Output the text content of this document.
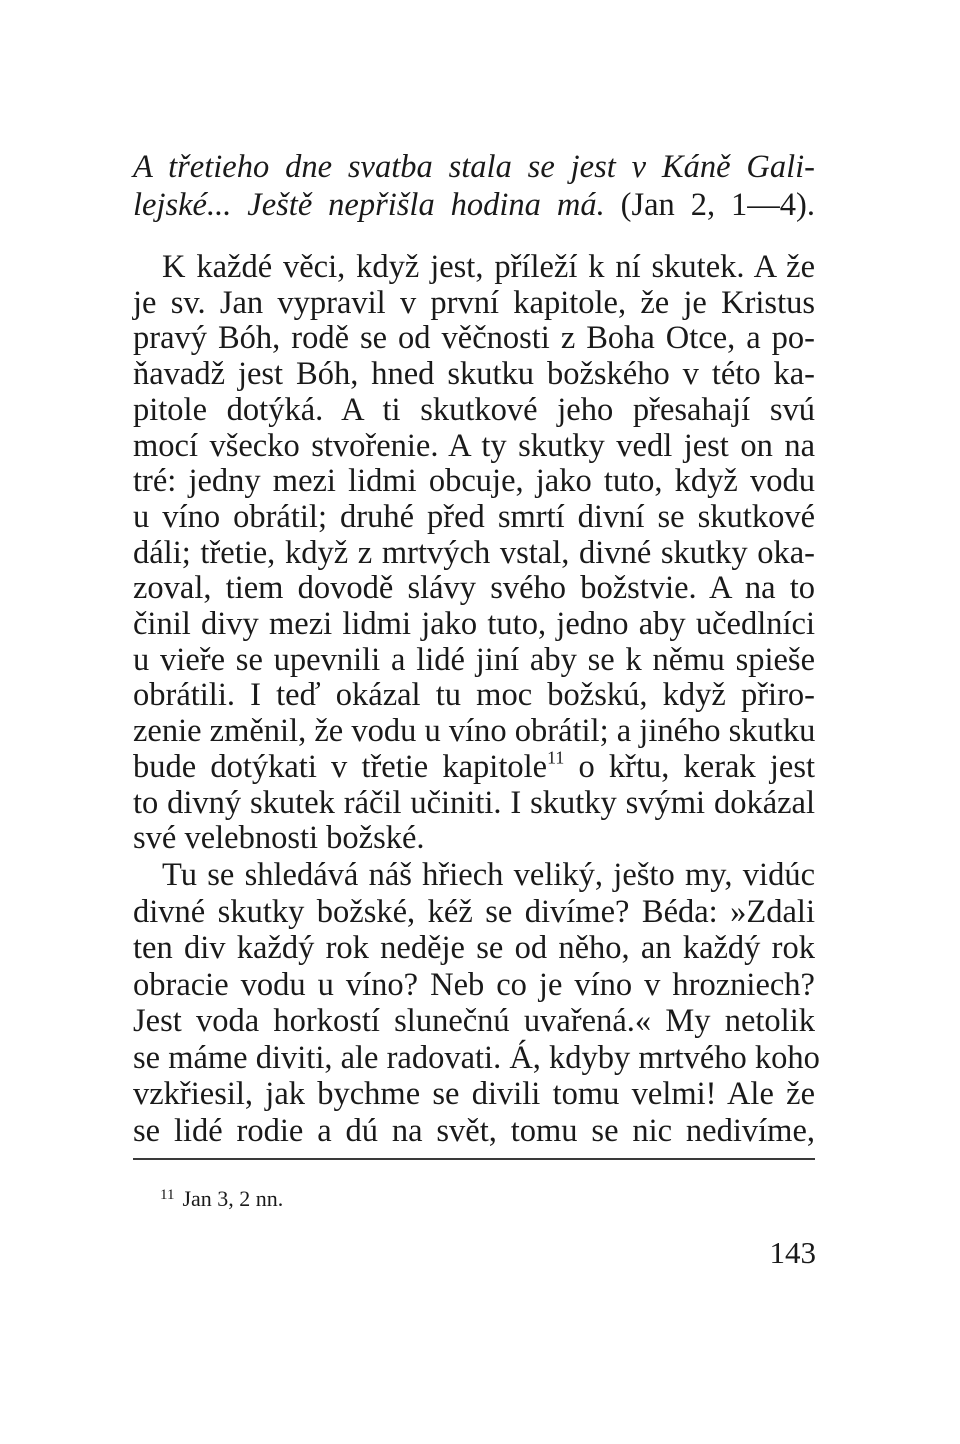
A třetieho dne svatba stala se jest v Káně Gali-

lejské... Ještě nepřišla hodina má. (Jan 2, 1—4).

K každé věci, když jest, příleží k ní skutek. A že

je sv. Jan vypravil v první kapitole, že je Kristus

pravý Bóh, rodě se od věčnosti z Boha Otce, a po-

ňavadž jest Bóh, hned skutku božského v této ka-

pitole dotýká. A ti skutkové jeho přesahají svú

mocí všecko stvořenie. A ty skutky vedl jest on na

tré: jedny mezi lidmi obcuje, jako tuto, když vodu

u víno obrátil; druhé před smrtí divní se skutkové

dáli; třetie, když z mrtvých vstal, divné skutky oka-

zoval, tiem dovodě slávy svého božstvie. A na to

činil divy mezi lidmi jako tuto, jedno aby učedlníci

u vieře se upevnili a lidé jiní aby se k němu spieše

obrátili. I teď okázal tu moc božskú, když přiro-

zenie změnil, že vodu u víno obrátil; a jiného skutku

bude dotýkati v třetie kapitole$^{11}$ o křtu, kerak jest

to divný skutek ráčil učiniti. I skutky svými dokázal

své velebnosti božské.

Tu se shledává náš hřiech veliký, ješto my, vidúc

divné skutky božské, kéž se divíme? Béda: »Zdali

ten div každý rok neděje se od něho, an každý rok

obracie vodu u víno? Neb co je víno v hrozniech?

Jest voda horkostí slunečnú uvařená.« My netolik

se máme diviti, ale radovati. Á, kdyby mrtvého koho

vzkřiesil, jak bychme se divili tomu velmi! Ale že

$^{11}$ Jan 3, 2 nn.
143

se lidé rodie a dú na svět, tomu se nic nedivíme,
